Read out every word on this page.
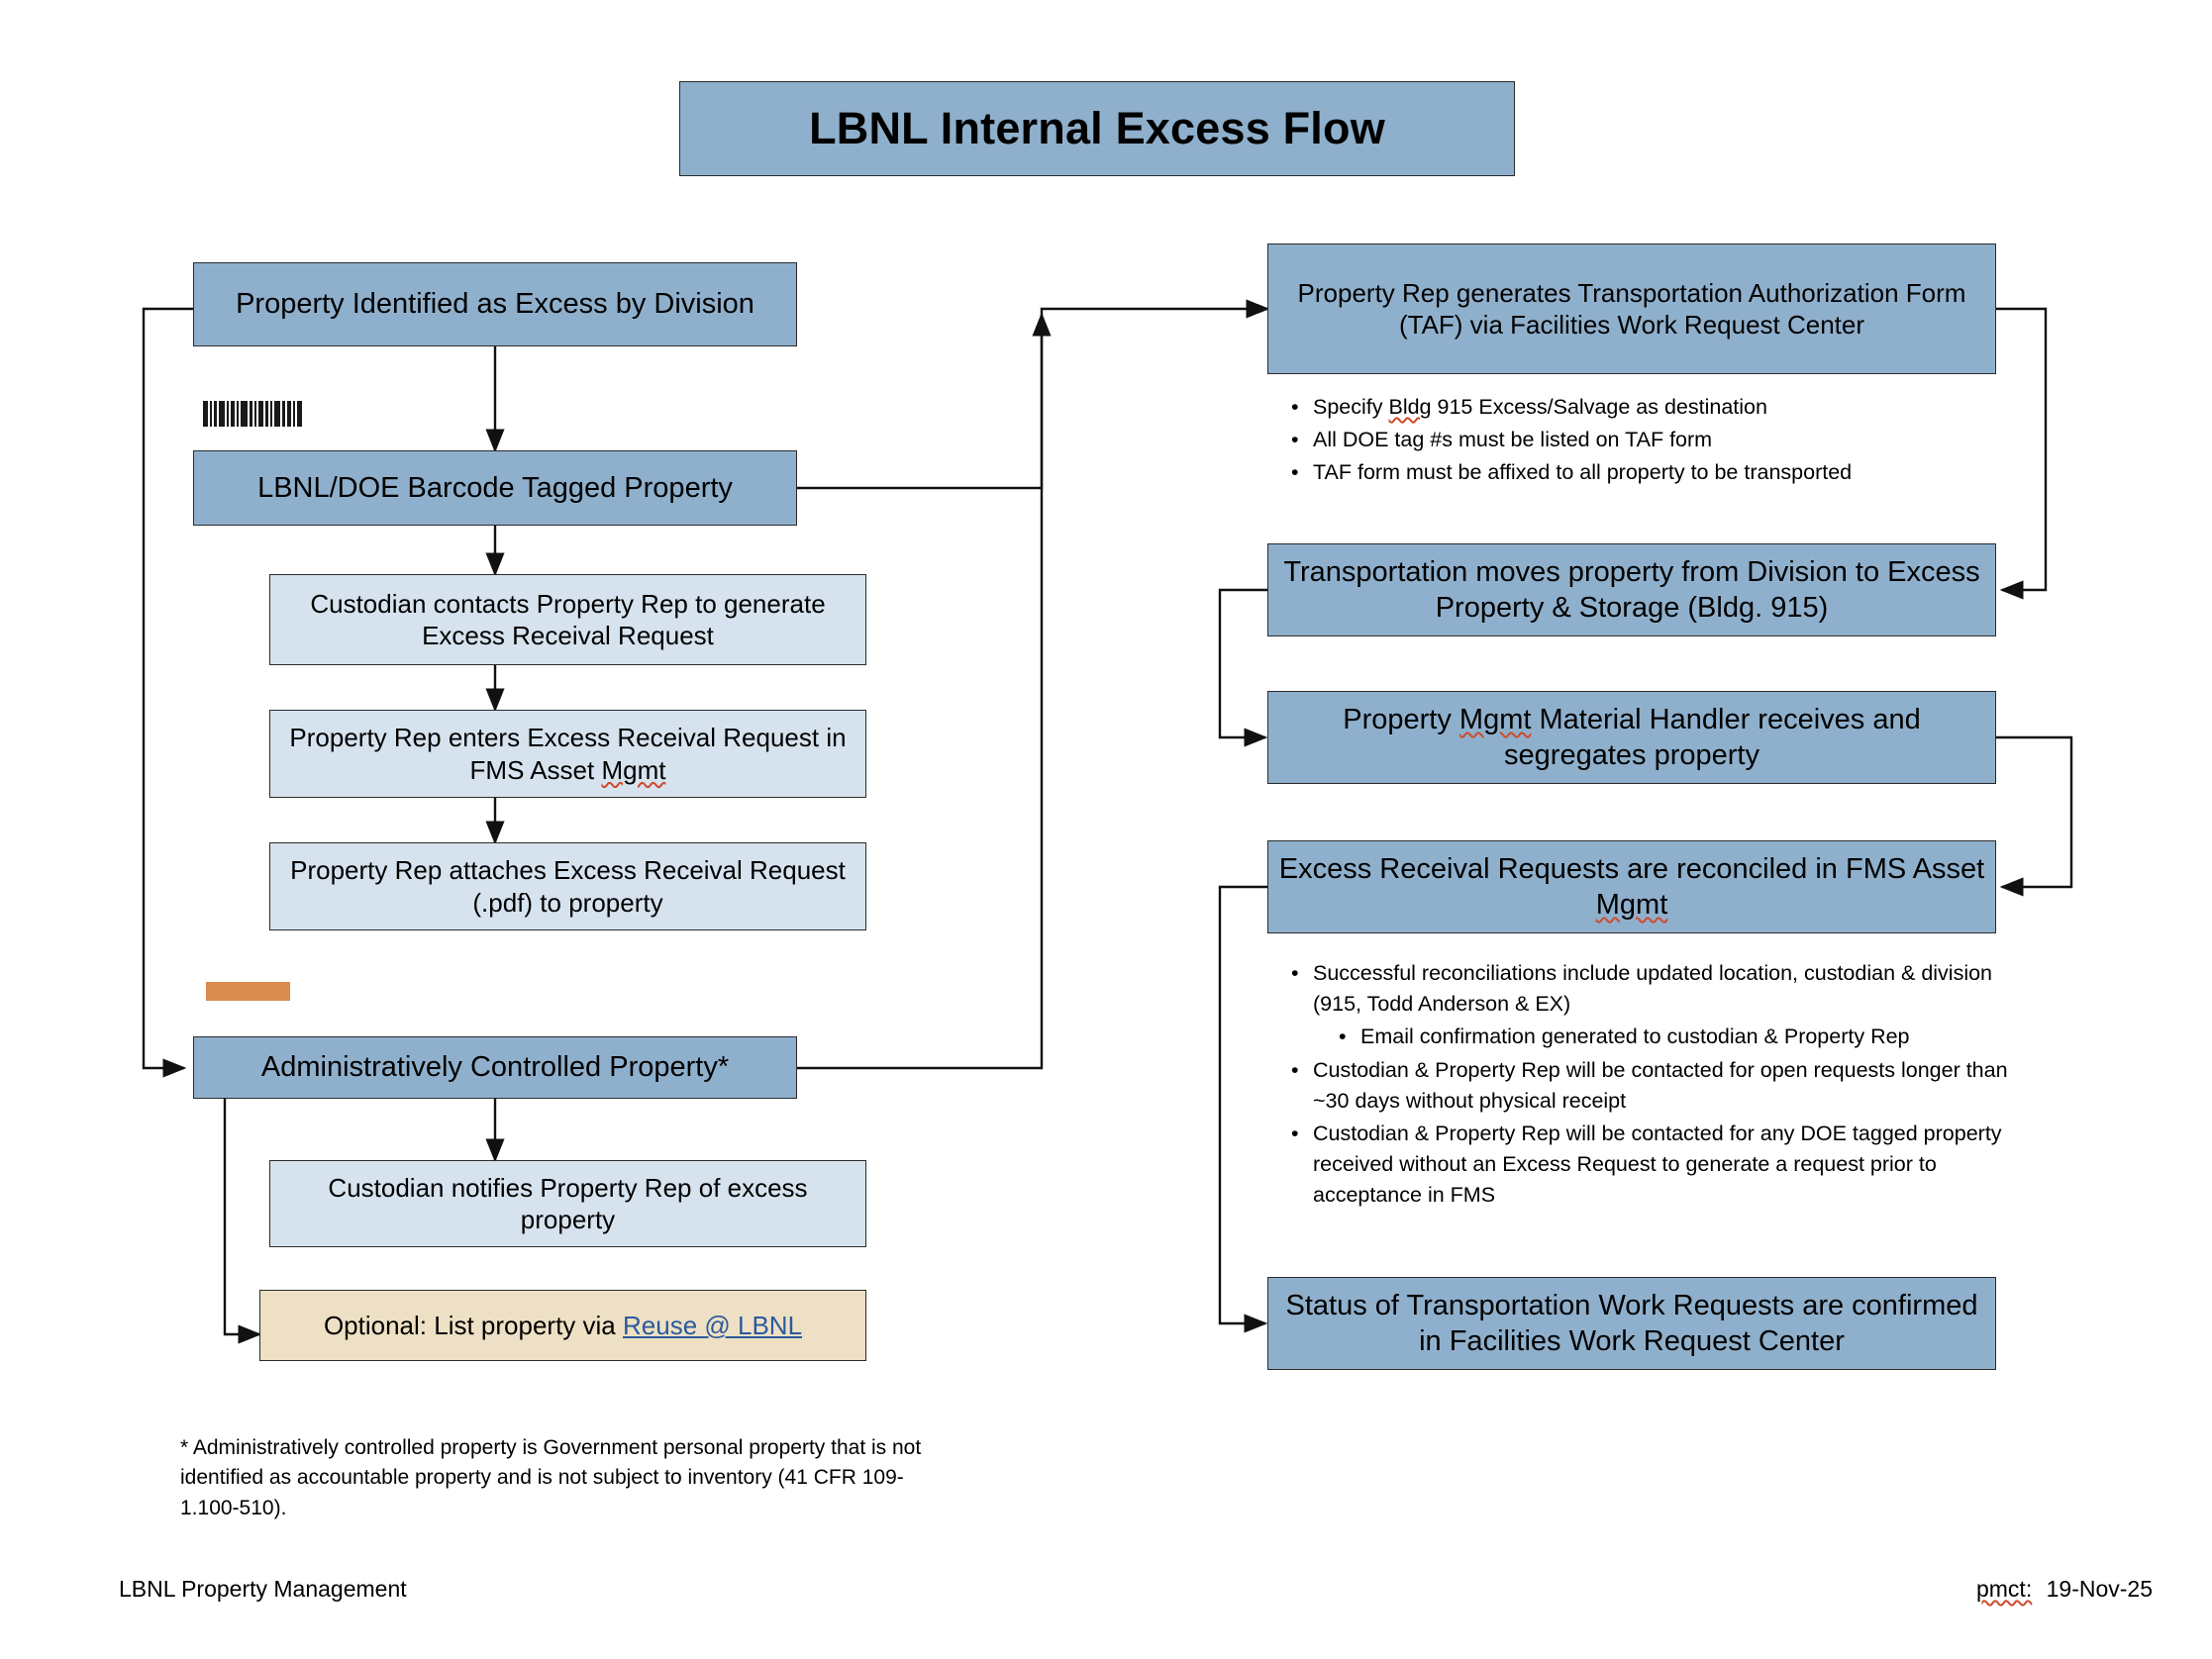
LBNL Internal Excess Flow
Property Identified as Excess by Division
LBNL/DOE Barcode Tagged Property
Custodian contacts Property Rep to generate Excess Receival Request
Property Rep enters Excess Receival Request in FMS Asset Mgmt
Property Rep attaches Excess Receival Request (.pdf) to property
Administratively Controlled Property*
Custodian notifies Property Rep of excess property
Optional: List property via Reuse @ LBNL
Property Rep generates Transportation Authorization Form (TAF) via Facilities Work Request Center
• Specify Bldg 915 Excess/Salvage as destination
• All DOE tag #s must be listed on TAF form
• TAF form must be affixed to all property to be transported
Transportation moves property from Division to Excess Property & Storage (Bldg. 915)
Property Mgmt Material Handler receives and segregates property
Excess Receival Requests are reconciled in FMS Asset Mgmt
• Successful reconciliations include updated location, custodian & division (915, Todd Anderson & EX)
• Email confirmation generated to custodian & Property Rep
• Custodian & Property Rep will be contacted for open requests longer than ~30 days without physical receipt
• Custodian & Property Rep will be contacted for any DOE tagged property received without an Excess Request to generate a request prior to acceptance in FMS
Status of Transportation Work Requests are confirmed in Facilities Work Request Center
* Administratively controlled property is Government personal property that is not identified as accountable property and is not subject to inventory (41 CFR 109-1.100-510).
LBNL Property Management	pmct: 19-Nov-25
